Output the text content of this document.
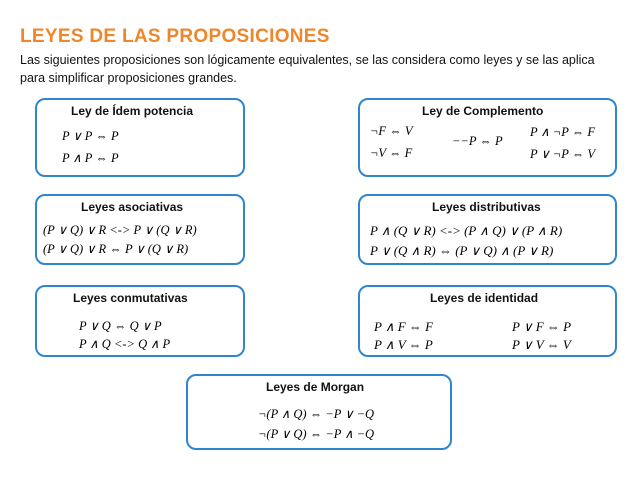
LEYES DE LAS PROPOSICIONES
Las siguientes proposiciones son lógicamente equivalentes, se las considera como leyes y se las aplica para simplificar proposiciones grandes.
Ley de Ídem potencia
P ∨ P ⇔ P
P ∧ P ⇔ P
Ley de Complemento
¬F ⇔ V
¬V ⇔ F
−−P ⇔ P
P ∧ ¬P ⇔ F
P ∨ ¬P ⇔ V
Leyes asociativas
(P ∨ Q) ∨ R <-> P ∨ (Q ∨ R)
(P ∨ Q) ∨ R ⇔ P ∨ (Q ∨ R)
Leyes distributivas
P ∧ (Q ∨ R) <-> (P ∧ Q) ∨ (P ∧ R)
P ∨ (Q ∧ R) ⇔ (P ∨ Q) ∧ (P ∨ R)
Leyes conmutativas
P ∨ Q ⇔ Q ∨ P
P ∧ Q <-> Q ∧ P
Leyes de identidad
P ∧ F ⇔ F
P ∧ V ⇔ P
P ∨ F ⇔ P
P ∨ V ⇔ V
Leyes de Morgan
¬(P ∧ Q) ⇔ −P ∨ −Q
¬(P ∨ Q) ⇔ −P ∧ −Q
